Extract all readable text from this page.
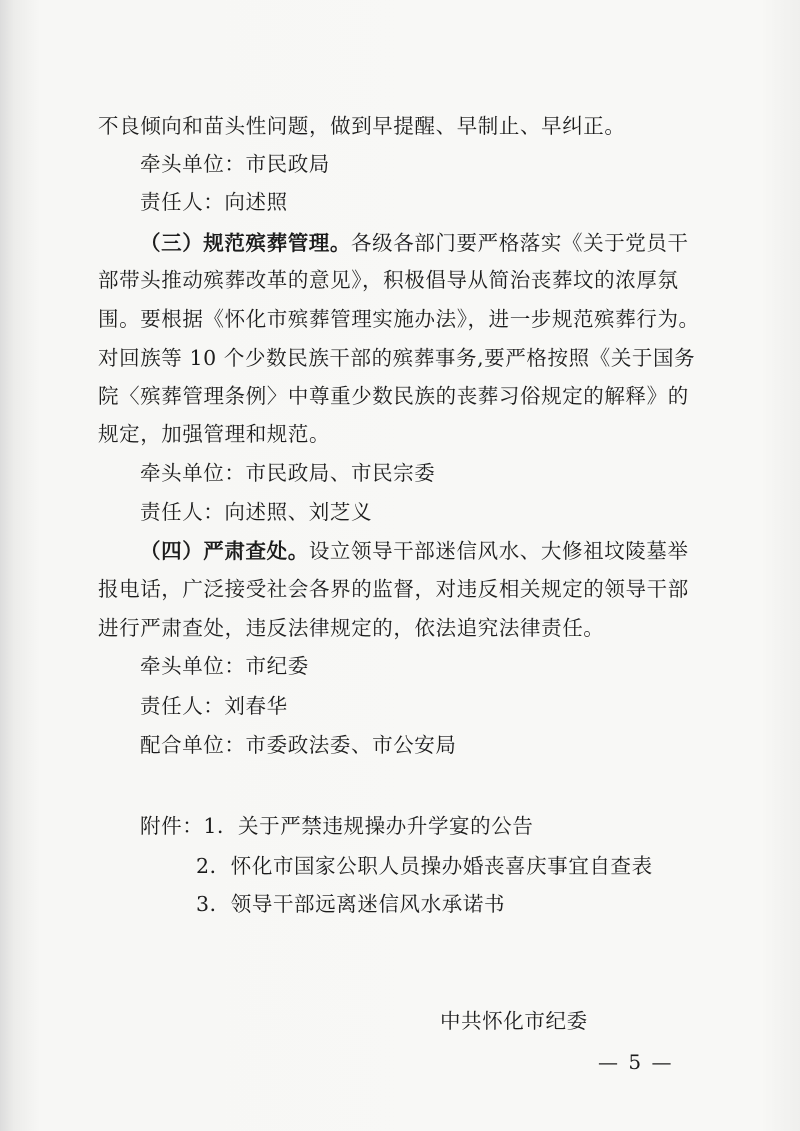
不良倾向和苗头性问题，做到早提醒、早制止、早纠正。
牵头单位：市民政局
责任人：向述照
（三）规范殡葬管理。各级各部门要严格落实《关于党员干
部带头推动殡葬改革的意见》，积极倡导从简治丧葬坟的浓厚氛
围。要根据《怀化市殡葬管理实施办法》，进一步规范殡葬行为。
对回族等 10 个少数民族干部的殡葬事务,要严格按照《关于国务
院〈殡葬管理条例〉中尊重少数民族的丧葬习俗规定的解释》的
规定，加强管理和规范。
牵头单位：市民政局、市民宗委
责任人：向述照、刘芝义
（四）严肃查处。设立领导干部迷信风水、大修祖坟陵墓举
报电话，广泛接受社会各界的监督，对违反相关规定的领导干部
进行严肃查处，违反法律规定的，依法追究法律责任。
牵头单位：市纪委
责任人：刘春华
配合单位：市委政法委、市公安局
附件：1．关于严禁违规操办升学宴的公告
2．怀化市国家公职人员操办婚丧喜庆事宜自查表
3．领导干部远离迷信风水承诺书
中共怀化市纪委
— 5 —
